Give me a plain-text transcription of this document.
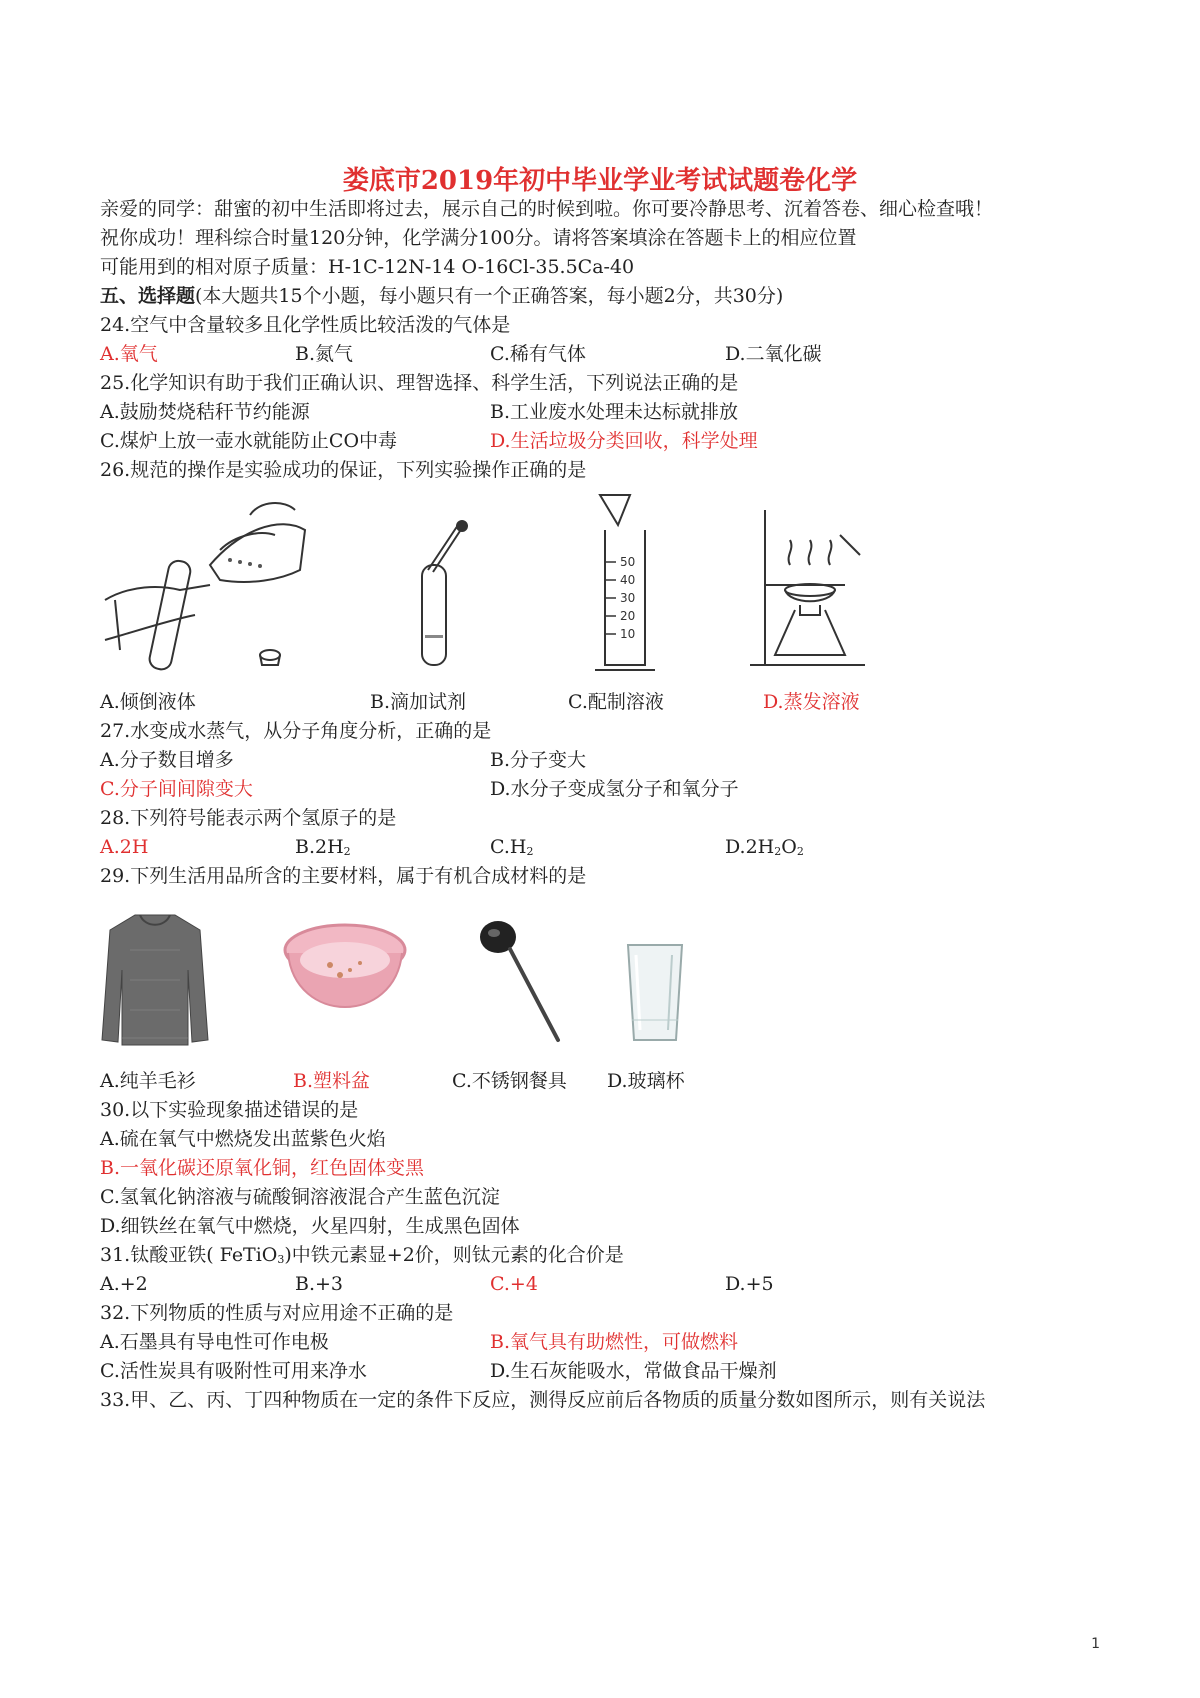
娄底市2019年初中毕业学业考试试题卷化学
亲爱的同学：甜蜜的初中生活即将过去，展示自己的时候到啦。你可要冷静思考、沉着答卷、细心检查哦！
祝你成功！理科综合时量120分钟，化学满分100分。请将答案填涂在答题卡上的相应位置
可能用到的相对原子质量：H-1C-12N-14 O-16Cl-35.5Ca-40
五、选择题(本大题共15个小题，每小题只有一个正确答案，每小题2分，共30分)
24.空气中含量较多且化学性质比较活泼的气体是
A.氧气	B.氮气	C.稀有气体	D.二氧化碳
25.化学知识有助于我们正确认识、理智选择、科学生活，下列说法正确的是
A.鼓励焚烧秸秆节约能源	B.工业废水处理未达标就排放
C.煤炉上放一壶水就能防止CO中毒	D.生活垃圾分类回收，科学处理
26.规范的操作是实验成功的保证，下列实验操作正确的是
50
40
30
20
10
A.倾倒液体	B.滴加试剂	C.配制溶液	D.蒸发溶液
27.水变成水蒸气，从分子角度分析，正确的是
A.分子数目增多	B.分子变大
C.分子间间隙变大	D.水分子变成氢分子和氧分子
28.下列符号能表示两个氢原子的是
A.2H	$B.2H_2$	$C.H_2$	$D.2H_2O_2$
29.下列生活用品所含的主要材料，属于有机合成材料的是
A.纯羊毛衫	B.塑料盆	C.不锈钢餐具 D.玻璃杯
30.以下实验现象描述错误的是
A.硫在氧气中燃烧发出蓝紫色火焰
B.一氧化碳还原氧化铜，红色固体变黑
C.氢氧化钠溶液与硫酸铜溶液混合产生蓝色沉淀
D.细铁丝在氧气中燃烧，火星四射，生成黑色固体
31.钛酸亚铁( FeTiO$_3$)中铁元素显+2价，则钛元素的化合价是
A.+2	B.+3	C.+4	D.+5
32.下列物质的性质与对应用途不正确的是
A.石墨具有导电性可作电极	B.氧气具有助燃性，可做燃料
C.活性炭具有吸附性可用来净水	D.生石灰能吸水，常做食品干燥剂
33.甲、乙、丙、丁四种物质在一定的条件下反应，测得反应前后各物质的质量分数如图所示，则有关说法
1
